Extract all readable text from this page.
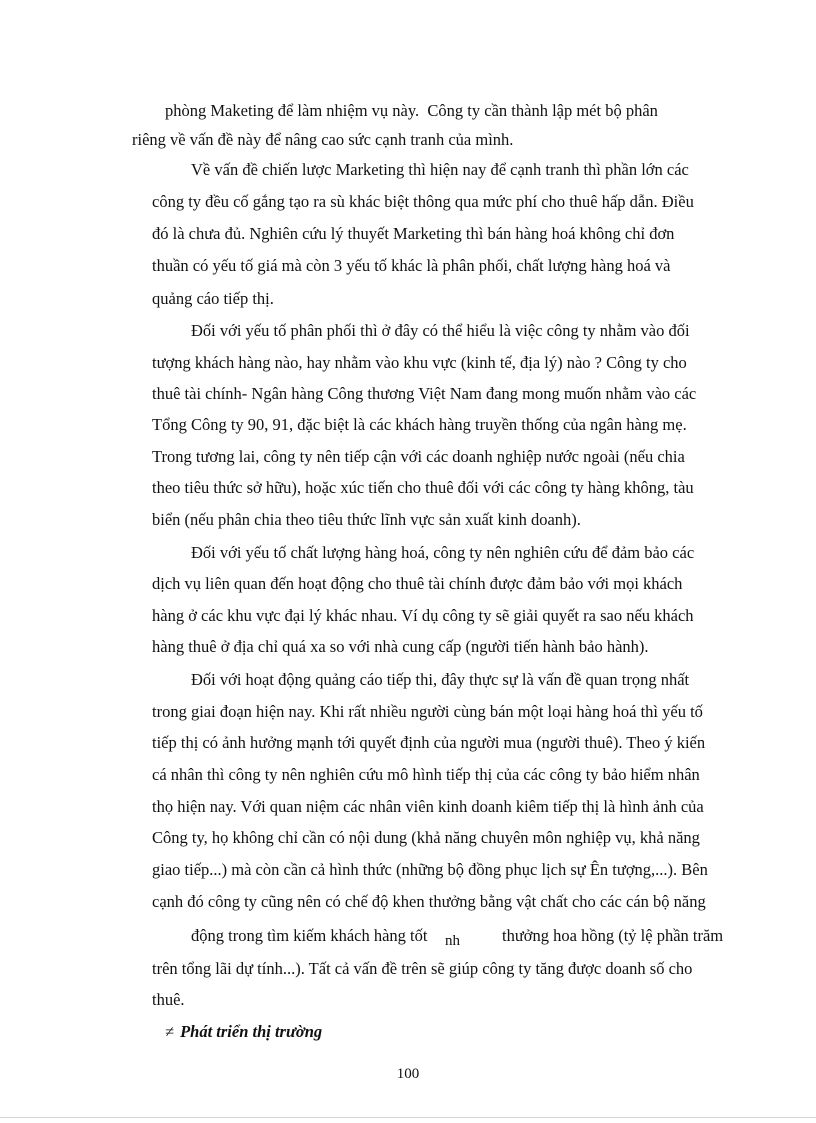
phòng Maketing để làm nhiệm vụ này.  Công ty cần thành lập mét bộ phân
riêng về vấn đề này để nâng cao sức cạnh tranh của mình.
Về vấn đề chiến lược Marketing thì hiện nay để cạnh tranh thì phần lớn các
công ty đều cố gắng tạo ra sù khác biệt thông qua mức phí cho thuê hấp dẫn. Điều
đó là chưa đủ. Nghiên cứu lý thuyết Marketing thì bán hàng hoá không chỉ đơn
thuần có yếu tố giá mà còn 3 yếu tố khác là phân phối, chất lượng hàng hoá và
quảng cáo tiếp thị.
Đối với yếu tố phân phối thì ở đây có thể hiểu là việc công ty nhằm vào đối
tượng khách hàng nào, hay nhằm vào khu vực (kinh tế, địa lý) nào ? Công ty cho
thuê tài chính- Ngân hàng Công thương Việt Nam đang mong muốn nhằm vào các
Tổng Công ty 90, 91, đặc biệt là các khách hàng truyền thống của ngân hàng mẹ.
Trong tương lai, công ty nên tiếp cận với các doanh nghiệp nước ngoài (nếu chia
theo tiêu thức sở hữu), hoặc xúc tiến cho thuê đối với các công ty hàng không, tàu
biển (nếu phân chia theo tiêu thức lĩnh vực sản xuất kinh doanh).
Đối với yếu tố chất lượng hàng hoá, công ty nên nghiên cứu để đảm bảo các
dịch vụ liên quan đến hoạt động cho thuê tài chính được đảm bảo với mọi khách
hàng ở các khu vực đại lý khác nhau. Ví dụ công ty sẽ giải quyết ra sao nếu khách
hàng thuê ở địa chỉ quá xa so với nhà cung cấp (người tiến hành bảo hành).
Đối với hoạt động quảng cáo tiếp thi, đây thực sự là vấn đề quan trọng nhất
trong giai đoạn hiện nay. Khi rất nhiều người cùng bán một loại hàng hoá thì yếu tố
tiếp thị có ảnh hưởng mạnh tới quyết định của người mua (người thuê). Theo ý kiến
cá nhân thì công ty nên nghiên cứu mô hình tiếp thị của các công ty bảo hiểm nhân
thọ hiện nay. Với quan niệm các nhân viên kinh doanh kiêm tiếp thị là hình ảnh của
Công ty, họ không chỉ cần có nội dung (khả năng chuyên môn nghiệp vụ, khả năng
giao tiếp...) mà còn cần cả hình thức (những bộ đồng phục lịch sự Ên tượng,...). Bên
cạnh đó công ty cũng nên có chế độ khen thưởng bằng vật chất cho các cán bộ năng
động trong tìm kiếm khách hàng tốt nh	thưởng hoa hồng (tỷ lệ phần trăm
trên tổng lãi dự tính...). Tất cả vấn đề trên sẽ giúp công ty tăng được doanh số cho
thuê.
≠ Phát triển thị trường
100
